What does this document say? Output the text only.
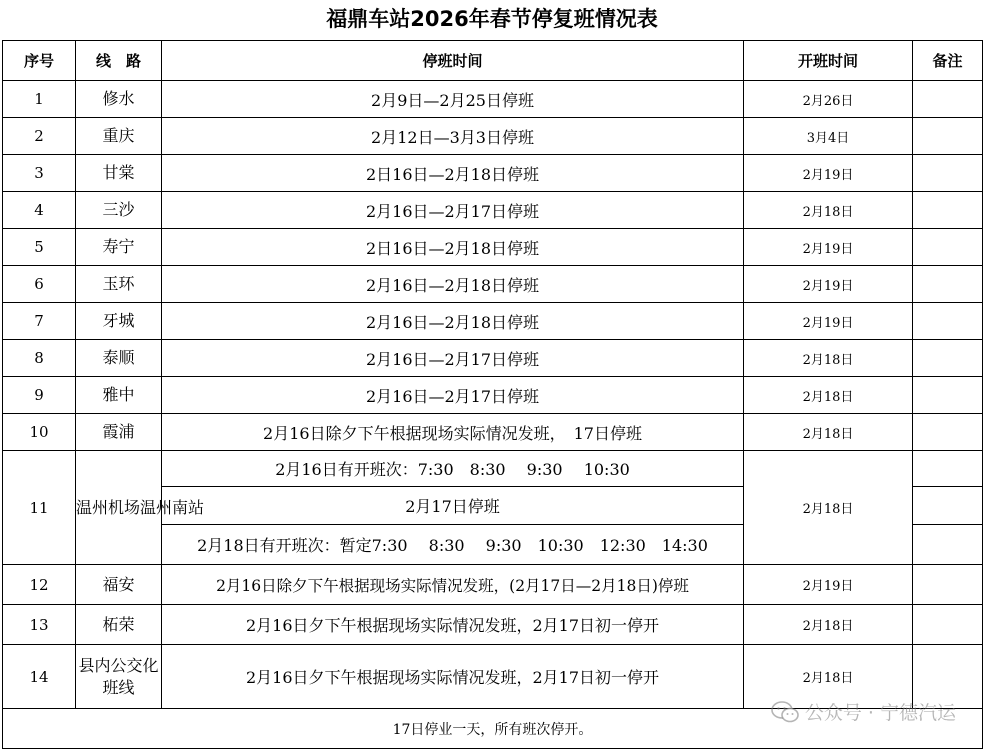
福鼎车站2026年春节停复班情况表
序号	线　路	停班时间	开班时间	备注
1	修水	2月9日—2月25日停班	2月26日	
2	重庆	2月12日—3月3日停班	3月4日	
3	甘棠	2日16日—2月18日停班	2月19日	
4	三沙	2月16日—2月17日停班	2月18日	
5	寿宁	2日16日—2月18日停班	2月19日	
6	玉环	2月16日—2月18日停班	2月19日	
7	牙城	2月16日—2月18日停班	2月19日	
8	泰顺	2月16日—2月17日停班	2月18日	
9	雅中	2月16日—2月17日停班	2月18日	
10	霞浦	2月16日除夕下午根据现场实际情况发班，　17日停班	2月18日	
11	温州机场温州南站	2月16日有开班次：7:30　8:30　 9:30　 10:30	2月18日	
		2月17日停班		
		2月18日有开班次：暂定7:30　 8:30　 9:30　10:30　12:30　14:30		
12	福安	2月16日除夕下午根据现场实际情况发班，(2月17日—2月18日)停班	2月19日	
13	柘荣	2月16日夕下午根据现场实际情况发班，2月17日初一停开	2月18日	
14	县内公交化班线	2月16日夕下午根据现场实际情况发班，2月17日初一停开	2月18日	
17日停业一天，所有班次停开。				
公众号 · 宁德汽运
